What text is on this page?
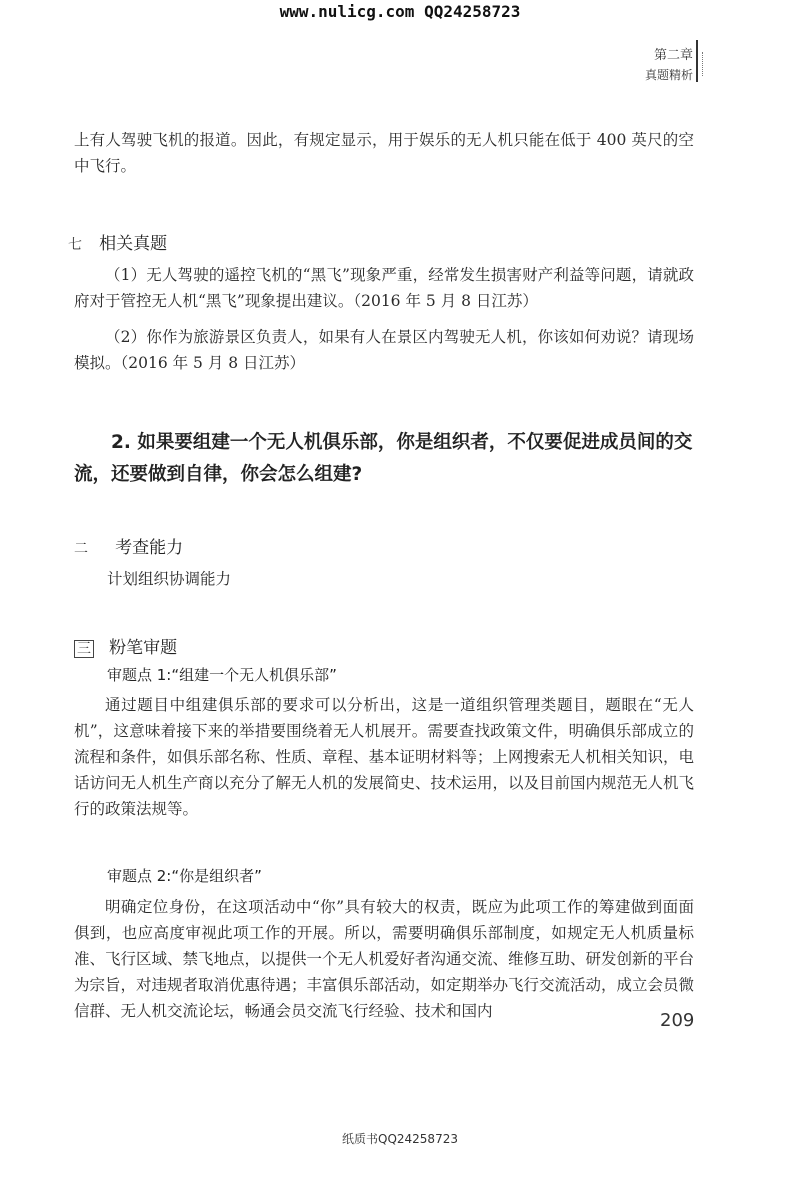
www.nulicg.com QQ24258723
第二章
真题精析

上有人驾驶飞机的报道。因此，有规定显示，用于娱乐的无人机只能在低于 400 英尺的空中飞行。

七 相关真题

（1）无人驾驶的遥控飞机的“黑飞”现象严重，经常发生损害财产利益等问题，请就政府对于管控无人机“黑飞”现象提出建议。（2016 年 5 月 8 日江苏）

（2）你作为旅游景区负责人，如果有人在景区内驾驶无人机，你该如何劝说？请现场模拟。（2016 年 5 月 8 日江苏）

2. 如果要组建一个无人机俱乐部，你是组织者，不仅要促进成员间的交流，还要做到自律，你会怎么组建?

二 考查能力
计划组织协调能力
三 粉笔审题
审题点 1:“组建一个无人机俱乐部”

通过题目中组建俱乐部的要求可以分析出，这是一道组织管理类题目，题眼在“无人机”，这意味着接下来的举措要围绕着无人机展开。需要查找政策文件，明确俱乐部成立的流程和条件，如俱乐部名称、性质、章程、基本证明材料等；上网搜索无人机相关知识，电话访问无人机生产商以充分了解无人机的发展简史、技术运用，以及目前国内规范无人机飞行的政策法规等。

审题点 2:“你是组织者”

明确定位身份，在这项活动中“你”具有较大的权责，既应为此项工作的筹建做到面面俱到，也应高度审视此项工作的开展。所以，需要明确俱乐部制度，如规定无人机质量标准、飞行区域、禁飞地点，以提供一个无人机爱好者沟通交流、维修互助、研发创新的平台为宗旨，对违规者取消优惠待遇；丰富俱乐部活动，如定期举办飞行交流活动，成立会员微信群、无人机交流论坛，畅通会员交流飞行经验、技术和国内	209
纸质书QQ24258723
